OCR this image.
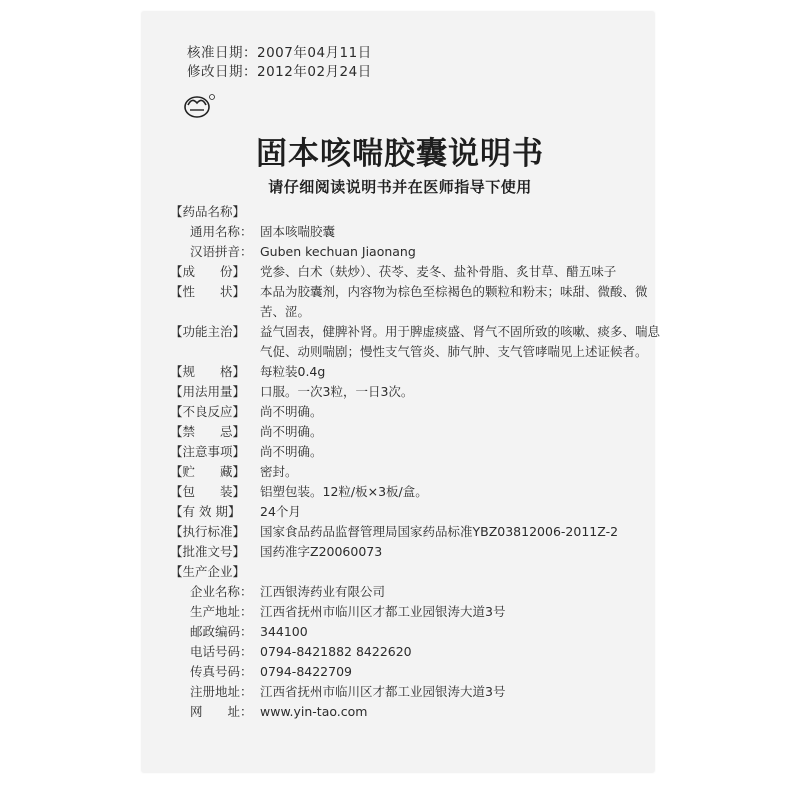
核准日期：2007年04月11日
修改日期：2012年02月24日
固本咳喘胶囊说明书
请仔细阅读说明书并在医师指导下使用
【药品名称】
通用名称： 固本咳喘胶囊
汉语拼音： Guben kechuan Jiaonang
【成　　份】	党参、白术（麸炒）、茯苓、麦冬、盐补骨脂、炙甘草、醋五味子
【性　　状】	本品为胶囊剂，内容物为棕色至棕褐色的颗粒和粉末；味甜、微酸、微苦、涩。
【功能主治】	益气固表，健脾补肾。用于脾虚痰盛、肾气不固所致的咳嗽、痰多、喘息气促、动则喘剧；慢性支气管炎、肺气肿、支气管哮喘见上述证候者。
【规　　格】	每粒装0.4g
【用法用量】	口服。一次3粒，一日3次。
【不良反应】	尚不明确。
【禁　　忌】	尚不明确。
【注意事项】	尚不明确。
【贮　　藏】	密封。
【包　　装】	铝塑包装。12粒/板×3板/盒。
【有 效 期】	24个月
【执行标准】	国家食品药品监督管理局国家药品标准YBZ03812006-2011Z-2
【批准文号】	国药准字Z20060073
【生产企业】
企业名称： 江西银涛药业有限公司
生产地址： 江西省抚州市临川区才都工业园银涛大道3号
邮政编码： 344100
电话号码： 0794-8421882 8422620
传真号码： 0794-8422709
注册地址： 江西省抚州市临川区才都工业园银涛大道3号
网　　址： www.yin-tao.com
